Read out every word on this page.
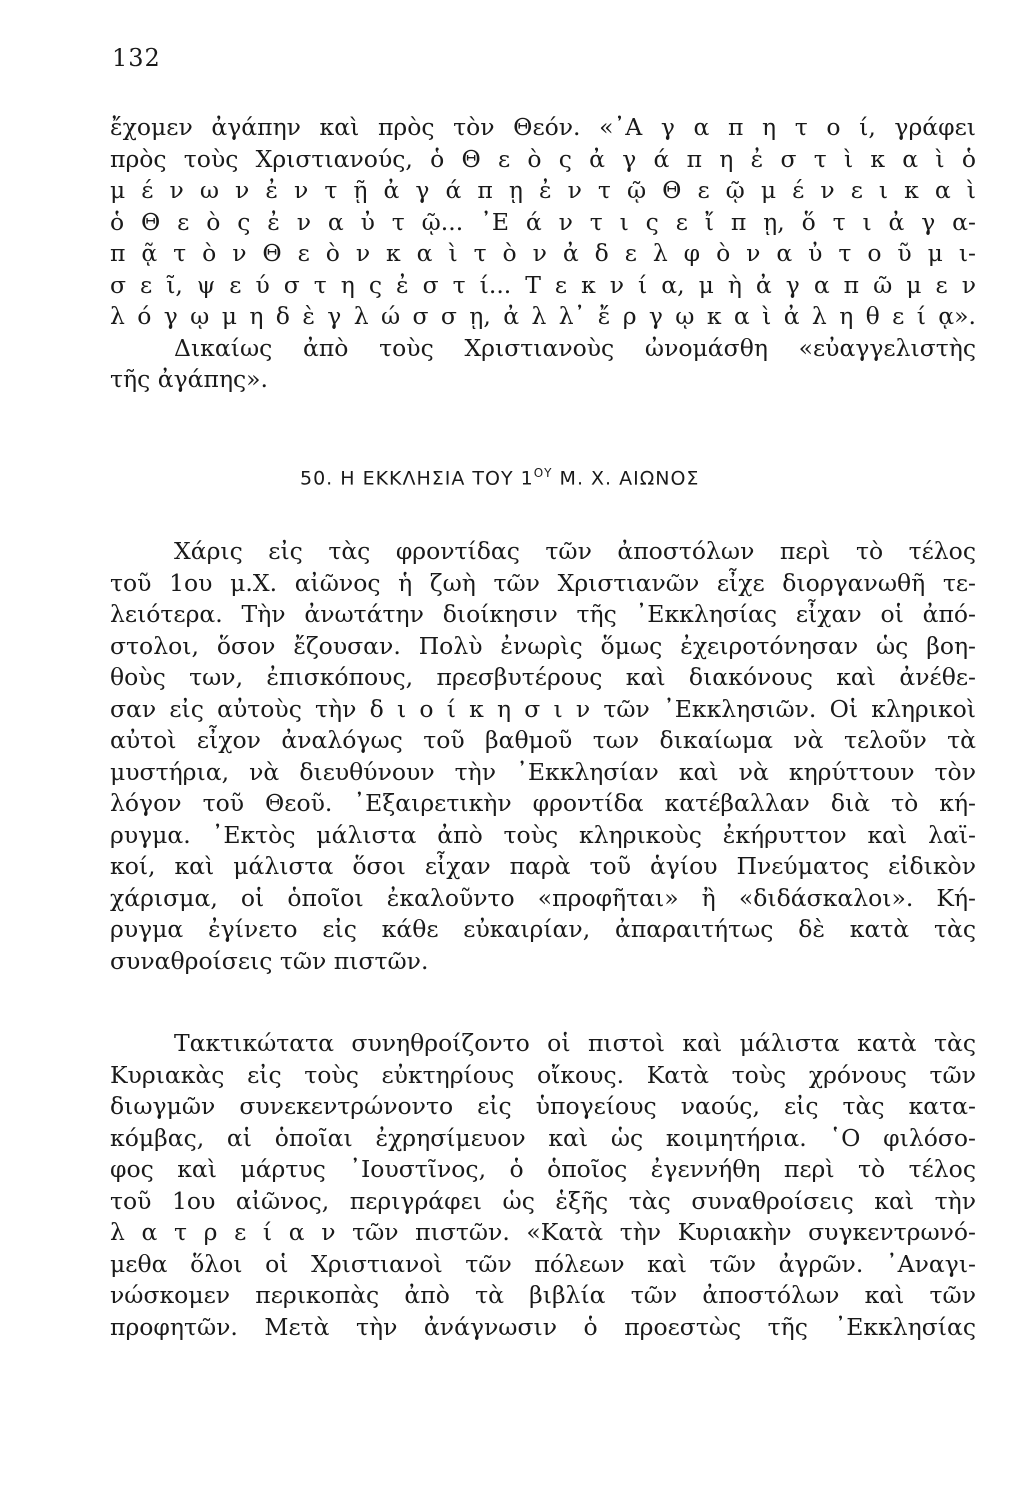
132
ἔχομεν ἀγάπην καὶ πρὸς τὸν Θεόν. «᾽Α γ α π η τ ο ί, γράφει
πρὸς τοὺς Χριστιανούς, ὁ Θ ε ὸ ς ἀ γ ά π η ἐ σ τ ὶ κ α ὶ ὁ
μ έ ν ω ν ἐ ν τ ῇ ἀ γ ά π ῃ ἐ ν τ ῷ Θ ε ῷ μ έ ν ε ι κ α ὶ
ὁ Θ ε ὸ ς ἐ ν α ὐ τ ῷ... ᾽Ε ά ν τ ι ς ε ἴ π ῃ, ὅ τ ι ἀ γ α-
π ᾷ τ ὸ ν Θ ε ὸ ν κ α ὶ τ ὸ ν ἀ δ ε λ φ ὸ ν α ὐ τ ο ῦ μ ι-
σ ε ῖ, ψ ε ύ σ τ η ς ἐ σ τ ί... Τ ε κ ν ί α, μ ὴ ἀ γ α π ῶ μ ε ν
λ ό γ ῳ μ η δ ὲ γ λ ώ σ σ ῃ, ἀ λ λ᾽ ἔ ρ γ ῳ κ α ὶ ἀ λ η θ ε ί ᾳ».
Δικαίως ἀπὸ τοὺς Χριστιανοὺς ὠνομάσθη «εὐαγγελιστὴς
τῆς ἀγάπης».
50. Η ΕΚΚΛΗΣΙΑ ΤΟΥ $1^{O\Upsilon}$ Μ. Χ. ΑΙΩΝΟΣ
Χάρις εἰς τὰς φροντίδας τῶν ἀποστόλων περὶ τὸ τέλος
τοῦ 1ου μ.Χ. αἰῶνος ἡ ζωὴ τῶν Χριστιανῶν εἶχε διοργανωθῆ τε-
λειότερα. Τὴν ἀνωτάτην διοίκησιν τῆς ᾽Εκκλησίας εἶχαν οἱ ἀπό-
στολοι, ὅσον ἔζουσαν. Πολὺ ἐνωρὶς ὅμως ἐχειροτόνησαν ὡς βοη-
θοὺς των, ἐπισκόπους, πρεσβυτέρους καὶ διακόνους καὶ ἀνέθε-
σαν εἰς αὐτοὺς τὴν δ ι ο ί κ η σ ι ν τῶν ᾽Εκκλησιῶν. Οἱ κληρικοὶ
αὐτοὶ εἶχον ἀναλόγως τοῦ βαθμοῦ των δικαίωμα νὰ τελοῦν τὰ
μυστήρια, νὰ διευθύνουν τὴν ᾽Εκκλησίαν καὶ νὰ κηρύττουν τὸν
λόγον τοῦ Θεοῦ. ᾽Εξαιρετικὴν φροντίδα κατέβαλλαν διὰ τὸ κή-
ρυγμα. ᾽Εκτὸς μάλιστα ἀπὸ τοὺς κληρικοὺς ἐκήρυττον καὶ λαϊ-
κοί, καὶ μάλιστα ὅσοι εἶχαν παρὰ τοῦ ἁγίου Πνεύματος εἰδικὸν
χάρισμα, οἱ ὁποῖοι ἐκαλοῦντο «προφῆται» ἢ «διδάσκαλοι». Κή-
ρυγμα ἐγίνετο εἰς κάθε εὐκαιρίαν, ἀπαραιτήτως δὲ κατὰ τὰς
συναθροίσεις τῶν πιστῶν.
Τακτικώτατα συνηθροίζοντο οἱ πιστοὶ καὶ μάλιστα κατὰ τὰς
Κυριακὰς εἰς τοὺς εὐκτηρίους οἴκους. Κατὰ τοὺς χρόνους τῶν
διωγμῶν συνεκεντρώνοντο εἰς ὑπογείους ναούς, εἰς τὰς κατα-
κόμβας, αἱ ὁποῖαι ἐχρησίμευον καὶ ὡς κοιμητήρια. ῾Ο φιλόσο-
φος καὶ μάρτυς ᾽Ιουστῖνος, ὁ ὁποῖος ἐγεννήθη περὶ τὸ τέλος
τοῦ 1ου αἰῶνος, περιγράφει ὡς ἑξῆς τὰς συναθροίσεις καὶ τὴν
λ α τ ρ ε ί α ν τῶν πιστῶν. «Κατὰ τὴν Κυριακὴν συγκεντρωνό-
μεθα ὅλοι οἱ Χριστιανοὶ τῶν πόλεων καὶ τῶν ἀγρῶν. ᾽Αναγι-
νώσκομεν περικοπὰς ἀπὸ τὰ βιβλία τῶν ἀποστόλων καὶ τῶν
προφητῶν. Μετὰ τὴν ἀνάγνωσιν ὁ προεστὼς τῆς ᾽Εκκλησίας
